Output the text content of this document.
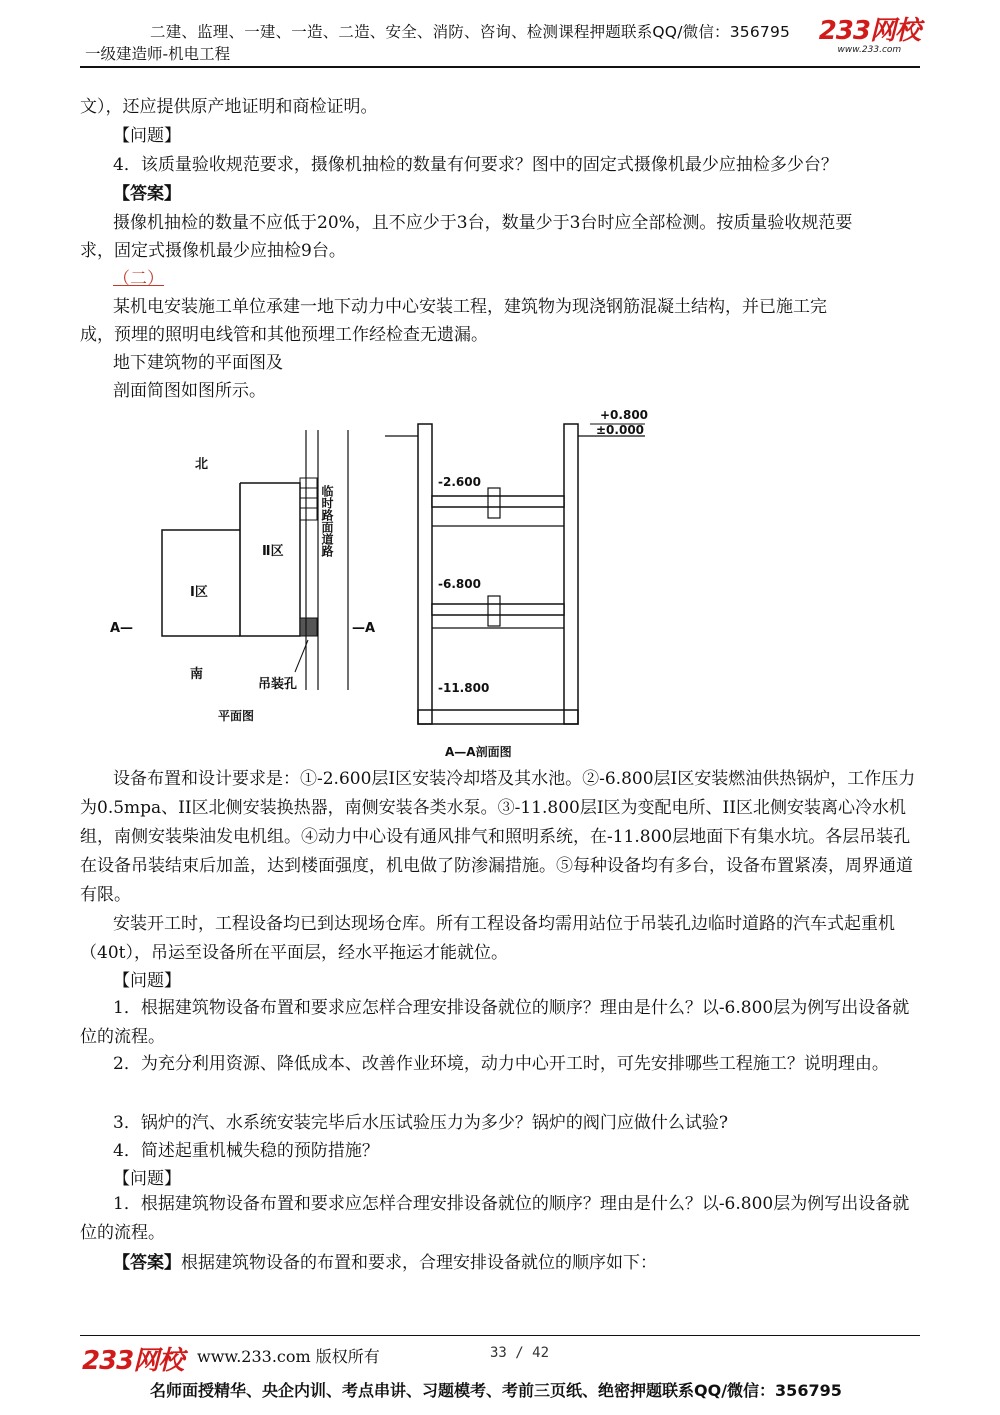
二建、监理、一建、一造、二造、安全、消防、咨询、检测课程押题联系QQ/微信：356795
一级建造师-机电工程
233网校
www.233.com
文），还应提供原产地证明和商检证明。
【问题】
4．该质量验收规范要求，摄像机抽检的数量有何要求？图中的固定式摄像机最少应抽检多少台？
【答案】
摄像机抽检的数量不应低于20%，且不应少于3台，数量少于3台时应全部检测。按质量验收规范要
求，固定式摄像机最少应抽检9台。
（二）
某机电安装施工单位承建一地下动力中心安装工程，建筑物为现浇钢筋混凝土结构，并已施工完
成，预埋的照明电线管和其他预埋工作经检查无遗漏。
地下建筑物的平面图及
剖面简图如图所示。
北
南
Ⅱ区
Ⅰ区
临时路面道路
A—	—A
吊装孔
平面图
+0.800
±0.000
-2.600
-6.800
-11.800
A—A剖面图
设备布置和设计要求是：①-2.600层Ⅰ区安装冷却塔及其水池。②-6.800层Ⅰ区安装燃油供热锅炉，工作压力为0.5mpa、II区北侧安装换热器，南侧安装各类水泵。③-11.800层Ⅰ区为变配电所、II区北侧安装离心冷水机组，南侧安装柴油发电机组。④动力中心设有通风排气和照明系统，在-11.800层地面下有集水坑。各层吊装孔在设备吊装结束后加盖，达到楼面强度，机电做了防渗漏措施。⑤每种设备均有多台，设备布置紧凑，周界通道有限。
安装开工时，工程设备均已到达现场仓库。所有工程设备均需用站位于吊装孔边临时道路的汽车式起重机（40t），吊运至设备所在平面层，经水平拖运才能就位。
【问题】
1．根据建筑物设备布置和要求应怎样合理安排设备就位的顺序？理由是什么？以-6.800层为例写出设备就位的流程。
2．为充分利用资源、降低成本、改善作业环境，动力中心开工时，可先安排哪些工程施工？说明理由。
3．锅炉的汽、水系统安装完毕后水压试验压力为多少？锅炉的阀门应做什么试验?
4．简述起重机械失稳的预防措施？
【问题】
1．根据建筑物设备布置和要求应怎样合理安排设备就位的顺序？理由是什么？以-6.800层为例写出设备就位的流程。
【答案】根据建筑物设备的布置和要求，合理安排设备就位的顺序如下：
233网校 www.233.com 版权所有	33 / 42
名师面授精华、央企内训、考点串讲、习题模考、考前三页纸、绝密押题联系QQ/微信：356795
